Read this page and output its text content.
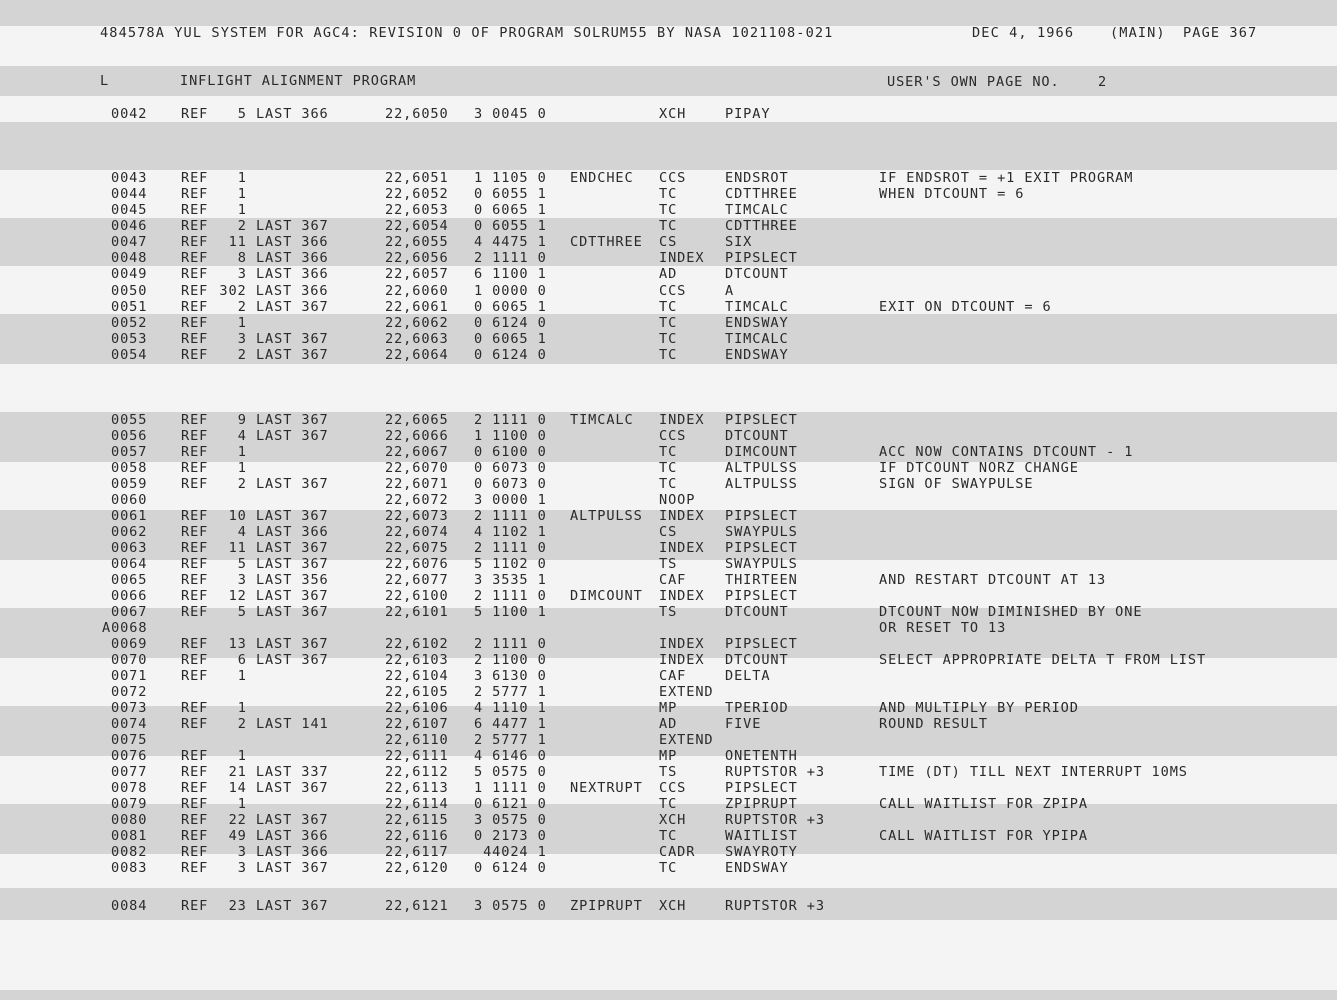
484578A YUL SYSTEM FOR AGC4: REVISION 0 OF PROGRAM SOLRUM55 BY NASA 1021108-021	DEC 4, 1966	(MAIN) PAGE 367
L	INFLIGHT ALIGNMENT PROGRAM	USER'S OWN PAGE NO.	2
0042 REF 5 LAST 366	22,6050 3 0045 0	XCH	PIPAY
0043 REF 1	22,6051 1 1105 0 ENDCHEC CCS	ENDSROT	IF ENDSROT = +1 EXIT PROGRAM
0044 REF 1	22,6052 0 6055 1	TC	CDTTHREE	WHEN DTCOUNT = 6
0045 REF 1	22,6053 0 6065 1	TC	TIMCALC
0046 REF 2 LAST 367	22,6054 0 6055 1	TC	CDTTHREE
0047 REF 11 LAST 366	22,6055 4 4475 1 CDTTHREE CS	SIX
0048 REF 8 LAST 366	22,6056 2 1111 0	INDEX PIPSLECT
0049 REF 3 LAST 366	22,6057 6 1100 1	AD	DTCOUNT
0050 REF 302 LAST 366	22,6060 1 0000 0	CCS	A
0051 REF 2 LAST 367	22,6061 0 6065 1	TC	TIMCALC	EXIT ON DTCOUNT = 6
0052 REF 1	22,6062 0 6124 0	TC	ENDSWAY
0053 REF 3 LAST 367	22,6063 0 6065 1	TC	TIMCALC
0054 REF 2 LAST 367	22,6064 0 6124 0	TC	ENDSWAY
0055 REF 9 LAST 367	22,6065 2 1111 0 TIMCALC INDEX PIPSLECT
0056 REF 4 LAST 367	22,6066 1 1100 0	CCS	DTCOUNT
0057 REF 1	22,6067 0 6100 0	TC	DIMCOUNT	ACC NOW CONTAINS DTCOUNT - 1
0058 REF 1	22,6070 0 6073 0	TC	ALTPULSS	IF DTCOUNT NORZ CHANGE
0059 REF 2 LAST 367	22,6071 0 6073 0	TC	ALTPULSS	SIGN OF SWAYPULSE
0060	22,6072 3 0000 1	NOOP
0061 REF 10 LAST 367	22,6073 2 1111 0 ALTPULSS INDEX PIPSLECT
0062 REF 4 LAST 366	22,6074 4 1102 1	CS	SWAYPULS
0063 REF 11 LAST 367	22,6075 2 1111 0	INDEX PIPSLECT
0064 REF 5 LAST 367	22,6076 5 1102 0	TS	SWAYPULS
0065 REF 3 LAST 356	22,6077 3 3535 1	CAF	THIRTEEN	AND RESTART DTCOUNT AT 13
0066 REF 12 LAST 367	22,6100 2 1111 0 DIMCOUNT INDEX PIPSLECT
0067 REF 5 LAST 367	22,6101 5 1100 1	TS	DTCOUNT	DTCOUNT NOW DIMINISHED BY ONE
A0068	OR RESET TO 13
0069 REF 13 LAST 367	22,6102 2 1111 0	INDEX PIPSLECT
0070 REF 6 LAST 367	22,6103 2 1100 0	INDEX DTCOUNT	SELECT APPROPRIATE DELTA T FROM LIST
0071 REF 1	22,6104 3 6130 0	CAF	DELTA
0072	22,6105 2 5777 1	EXTEND
0073 REF 1	22,6106 4 1110 1	MP	TPERIOD	AND MULTIPLY BY PERIOD
0074 REF 2 LAST 141	22,6107 6 4477 1	AD	FIVE	ROUND RESULT
0075	22,6110 2 5777 1	EXTEND
0076 REF 1	22,6111 4 6146 0	MP	ONETENTH
0077 REF 21 LAST 337	22,6112 5 0575 0	TS	RUPTSTOR +3	TIME (DT) TILL NEXT INTERRUPT 10MS
0078 REF 14 LAST 367	22,6113 1 1111 0 NEXTRUPT CCS	PIPSLECT
0079 REF 1	22,6114 0 6121 0	TC	ZPIPRUPT	CALL WAITLIST FOR ZPIPA
0080 REF 22 LAST 367	22,6115 3 0575 0	XCH	RUPTSTOR +3
0081 REF 49 LAST 366	22,6116 0 2173 0	TC	WAITLIST	CALL WAITLIST FOR YPIPA
0082 REF 3 LAST 366	22,6117 44024 1	CADR SWAYROTY
0083 REF 3 LAST 367	22,6120 0 6124 0	TC	ENDSWAY
0084 REF 23 LAST 367	22,6121 3 0575 0 ZPIPRUPT XCH	RUPTSTOR +3
